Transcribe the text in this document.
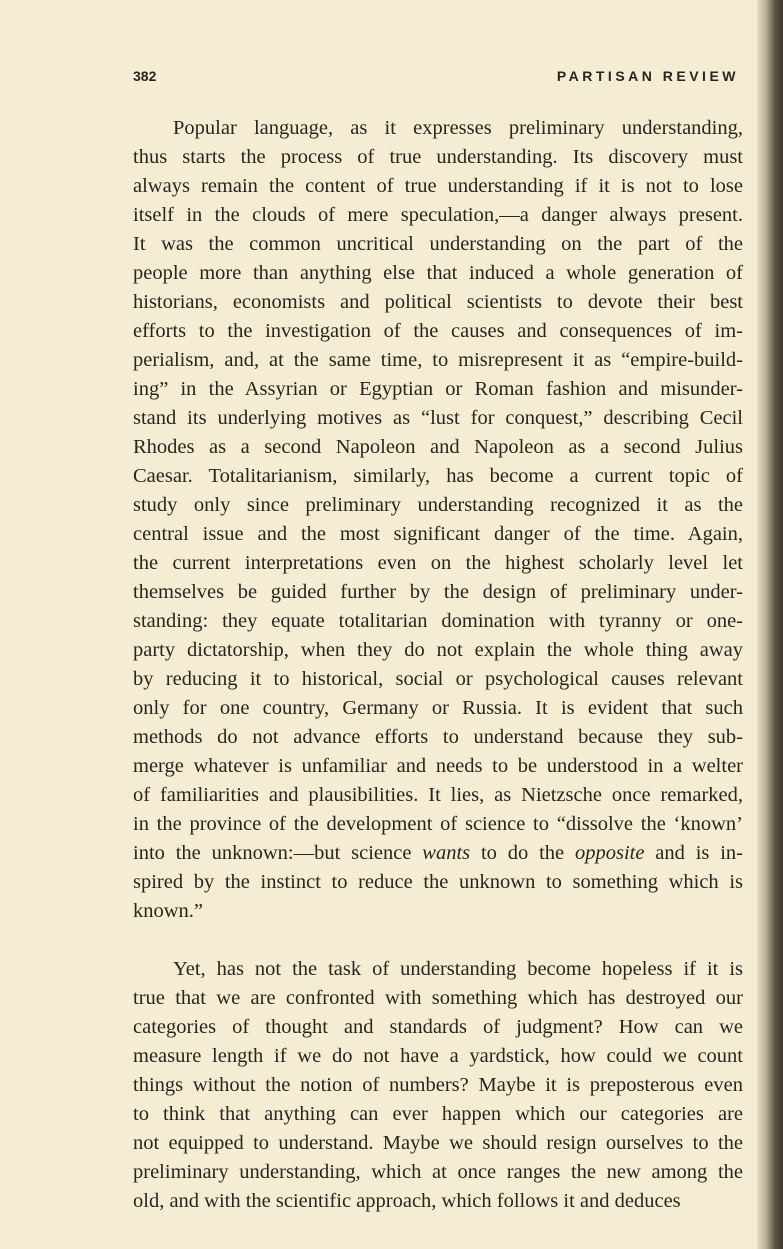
382	PARTISAN REVIEW
Popular language, as it expresses preliminary understanding,
thus starts the process of true understanding. Its discovery must
always remain the content of true understanding if it is not to lose
itself in the clouds of mere speculation,—a danger always present.
It was the common uncritical understanding on the part of the
people more than anything else that induced a whole generation of
historians, economists and political scientists to devote their best
efforts to the investigation of the causes and consequences of im-
perialism, and, at the same time, to misrepresent it as “empire-build-
ing” in the Assyrian or Egyptian or Roman fashion and misunder-
stand its underlying motives as “lust for conquest,” describing Cecil
Rhodes as a second Napoleon and Napoleon as a second Julius
Caesar. Totalitarianism, similarly, has become a current topic of
study only since preliminary understanding recognized it as the
central issue and the most significant danger of the time. Again,
the current interpretations even on the highest scholarly level let
themselves be guided further by the design of preliminary under-
standing: they equate totalitarian domination with tyranny or one-
party dictatorship, when they do not explain the whole thing away
by reducing it to historical, social or psychological causes relevant
only for one country, Germany or Russia. It is evident that such
methods do not advance efforts to understand because they sub-
merge whatever is unfamiliar and needs to be understood in a welter
of familiarities and plausibilities. It lies, as Nietzsche once remarked,
in the province of the development of science to “dissolve the ‘known’
into the unknown:—but science wants to do the opposite and is in-
spired by the instinct to reduce the unknown to something which is
known.”
Yet, has not the task of understanding become hopeless if it is
true that we are confronted with something which has destroyed our
categories of thought and standards of judgment? How can we
measure length if we do not have a yardstick, how could we count
things without the notion of numbers? Maybe it is preposterous even
to think that anything can ever happen which our categories are
not equipped to understand. Maybe we should resign ourselves to the
preliminary understanding, which at once ranges the new among the
old, and with the scientific approach, which follows it and deduces
